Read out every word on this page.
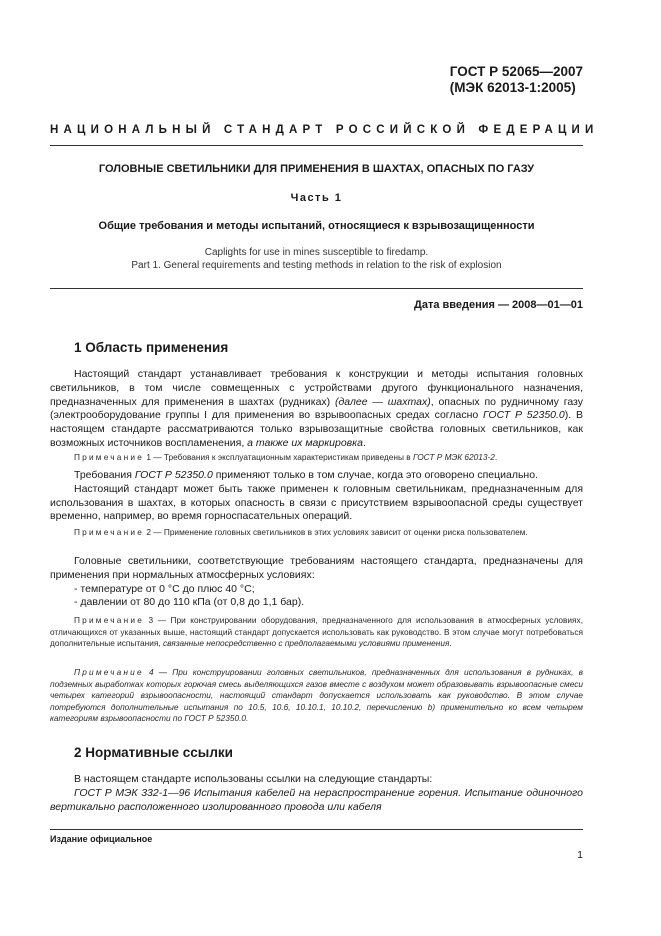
ГОСТ Р 52065—2007
(МЭК 62013-1:2005)
НАЦИОНАЛЬНЫЙ СТАНДАРТ РОССИЙСКОЙ ФЕДЕРАЦИИ
ГОЛОВНЫЕ СВЕТИЛЬНИКИ ДЛЯ ПРИМЕНЕНИЯ В ШАХТАХ, ОПАСНЫХ ПО ГАЗУ
Часть 1
Общие требования и методы испытаний, относящиеся к взрывозащищенности
Caplights for use in mines susceptible to firedamp.
Part 1. General requirements and testing methods in relation to the risk of explosion
Дата введения — 2008—01—01
1 Область применения

Настоящий стандарт устанавливает требования к конструкции и методы испытания головных светильников, в том числе совмещенных с устройствами другого функционального назначения, предназначенных для применения в шахтах (рудниках) (далее — шахтах), опасных по рудничному газу (электрооборудование группы I для применения во взрывоопасных средах согласно ГОСТ Р 52350.0). В настоящем стандарте рассматриваются только взрывозащитные свойства головных светильников, как возможных источников воспламенения, а также их маркировка.

Примечание 1 — Требования к эксплуатационным характеристикам приведены в ГОСТ Р МЭК 62013-2.

Требования ГОСТ Р 52350.0 применяют только в том случае, когда это оговорено специально.

Настоящий стандарт может быть также применен к головным светильникам, предназначенным для использования в шахтах, в которых опасность в связи с присутствием взрывоопасной среды существует временно, например, во время горноспасательных операций.

Примечание 2 — Применение головных светильников в этих условиях зависит от оценки риска пользователем.

Головные светильники, соответствующие требованиям настоящего стандарта, предназначены для применения при нормальных атмосферных условиях:

- температуре от 0 °С до плюс 40 °С;

- давлении от 80 до 110 кПа (от 0,8 до 1,1 бар).

Примечание 3 — При конструировании оборудования, предназначенного для использования в атмосферных условиях, отличающихся от указанных выше, настоящий стандарт допускается использовать как руководство. В этом случае могут потребоваться дополнительные испытания, связанные непосредственно с предполагаемыми условиями применения.

Примечание 4 — При конструировании головных светильников, предназначенных для использования в рудниках, в подземных выработках которых горючая смесь выделяющихся газов вместе с воздухом может образовывать взрывоопасные смеси четырех категорий взрывоопасности, настоящий стандарт допускается использовать как руководство. В этом случае потребуются дополнительные испытания по 10.5, 10.6, 10.10.1, 10.10.2, перечислению b) применительно ко всем четырем категориям взрывоопасности по ГОСТ Р 52350.0.

2 Нормативные ссылки

В настоящем стандарте использованы ссылки на следующие стандарты:

ГОСТ Р МЭК 332-1—96 Испытания кабелей на нераспространение горения. Испытание одиночного вертикально расположенного изолированного провода или кабеля

Издание официальное
1
